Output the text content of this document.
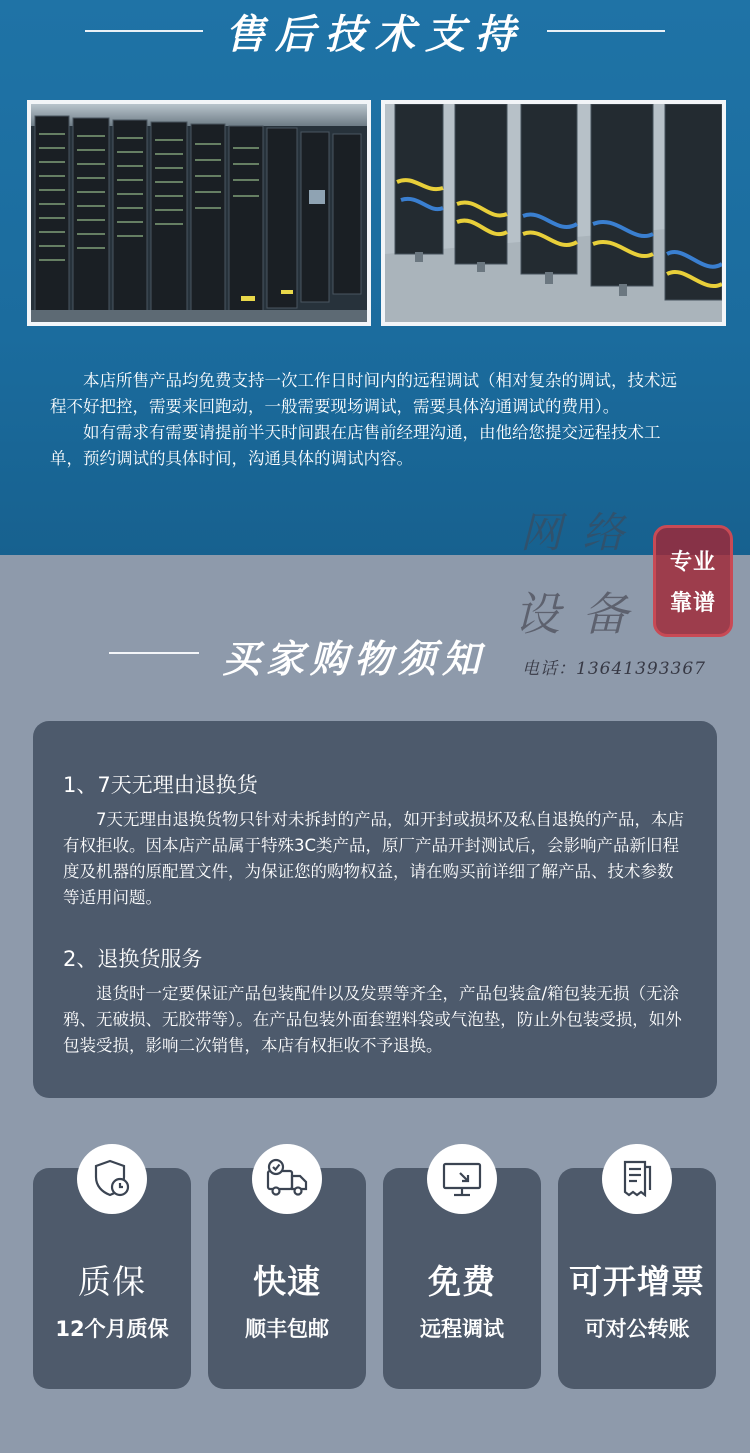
售后技术支持

本店所售产品均免费支持一次工作日时间内的远程调试（相对复杂的调试，技术远程不好把控，需要来回跑动，一般需要现场调试，需要具体沟通调试的费用）。

如有需求有需要请提前半天时间跟在店售前经理沟通，由他给您提交远程技术工单，预约调试的具体时间，沟通具体的调试内容。

网络
设备
专业
靠谱
电话：13641393367
买家购物须知
1、7天无理由退换货
7天无理由退换货物只针对未拆封的产品，如开封或损坏及私自退换的产品，本店有权拒收。因本店产品属于特殊3C类产品，原厂产品开封测试后，会影响产品新旧程度及机器的原配置文件，为保证您的购物权益，请在购买前详细了解产品、技术参数等适用问题。
2、退换货服务
退货时一定要保证产品包装配件以及发票等齐全，产品包装盒/箱包装无损（无涂鸦、无破损、无胶带等）。在产品包装外面套塑料袋或气泡垫，防止外包装受损，如外包装受损，影响二次销售，本店有权拒收不予退换。
质保
12个月质保
快速
顺丰包邮
免费
远程调试
可开增票
可对公转账
